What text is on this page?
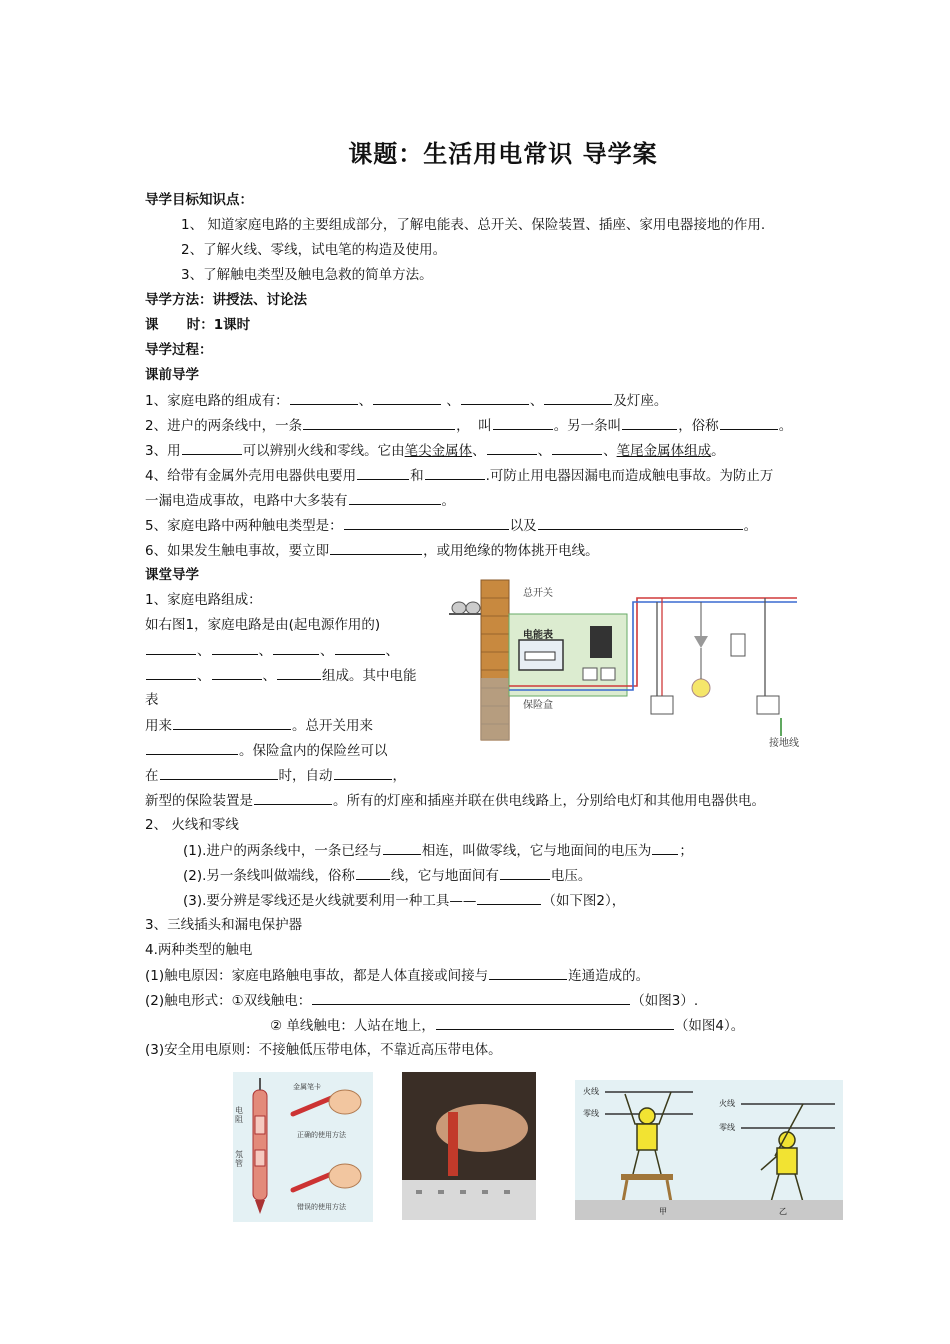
课题：生活用电常识 导学案
导学目标知识点：
1、 知道家庭电路的主要组成部分，了解电能表、总开关、保险装置、插座、家用电器接地的作用.
2、了解火线、零线，试电笔的构造及使用。
3、了解触电类型及触电急救的简单方法。
导学方法：讲授法、讨论法
课      时：1课时
导学过程：
课前导学
1、家庭电路的组成有：	、	、	、	及灯座。
2、进户的两条线中，一条	，  叫	。另一条叫	，俗称	。
3、用	可以辨别火线和零线。它由笔尖金属体、	、	、笔尾金属体组成。
4、给带有金属外壳用电器供电要用	和	.可防止用电器因漏电而造成触电事故。为防止万
一漏电造成事故，电路中大多装有	。
5、家庭电路中两种触电类型是：	以及	。
6、如果发生触电事故，要立即	，或用绝缘的物体挑开电线。
课堂导学
1、家庭电路组成：
如右图1，家庭电路是由(起电源作用的)
、	、	、	、
、	、	组成。其中电能
表
用来	。总开关用来
。保险盒内的保险丝可以
在	时，自动	，
新型的保险装置是	。所有的灯座和插座并联在供电线路上，分别给电灯和其他用电器供电。
2、 火线和零线
(1).进户的两条线中，一条已经与	相连，叫做零线，它与地面间的电压为 ；
(2).另一条线叫做端线，俗称	线，它与地面间有	电压。
(3).要分辨是零线还是火线就要利用一种工具——	（如下图2），
3、三线插头和漏电保护器
4.两种类型的触电
(1)触电原因：家庭电路触电事故，都是人体直接或间接与	连通造成的。
(2)触电形式：①双线触电：	（如图3）.
② 单线触电：人站在地上，	（如图4）。
(3)安全用电原则：不接触低压带电体，不靠近高压带电体。
总开关
电能表
保险盒
接地线
电阻
氖管
金属笔卡
正确的使用方法
错误的使用方法
火线
零线
火线
零线
甲	乙
